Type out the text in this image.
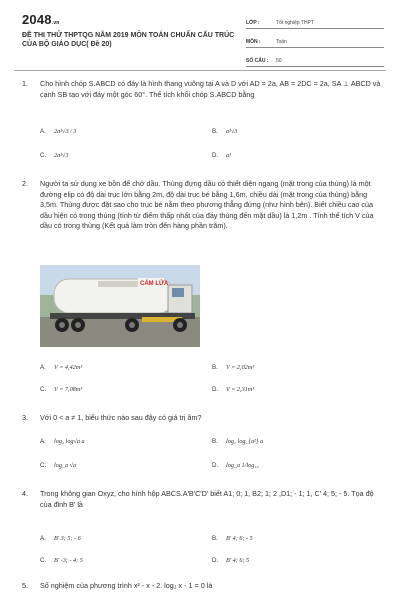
2048.vn
ĐỀ THI THỬ THPTQG NĂM 2019 MÔN TOÁN CHUẨN CẤU TRÚC CỦA BỘ GIÁO DỤC( Đề 20)
LỚP :	Tốt nghiệp THPT
MÔN :	Toán
SỐ CÂU :	50
1.	Cho hình chóp S.ABCD có đáy là hình thang vuông tại A và D với AD = 2a, AB = 2DC = 2a, SA ⊥ ABCD và cạnh SB tạo với đáy một góc 60°. Thể tích khối chóp S.ABCD bằng
A. 2a³√3 / 3	B. a³√3
C. 2a³√3	D. a³
2.	Người ta sử dụng xe bồn để chở dầu. Thùng đựng dầu có thiết diện ngang (mặt trong của thùng) là một đường elip có độ dài trục lớn bằng 2m, độ dài trục bé bằng 1,6m, chiều dài (mặt trong của thùng) bằng 3,5m. Thùng được đặt sao cho trục bé nằm theo phương thẳng đứng (như hình bên). Biết chiều cao của dầu hiện có trong thùng (tính từ điểm thấp nhất của đáy thùng đến mặt dầu) là 1,2m . Tính thể tích V của dầu có trong thùng (Kết quả làm tròn đến hàng phần trăm).
CẤM LỬA
A. V = 4,42m³	B. V = 2,02m³
C. V = 7,08m³	D. V = 2,31m³
3.	Với 0 < a ≠ 1, biểu thức nào sau đây có giá trị âm?
A. log₂ log√a a	B. log₂ log_{a²} a
C. log_a √a	D. log_a 1/log₁₀
4.	Trong không gian Oxyz, cho hình hộp ABCS.A'B'C'D' biết A1; 0; 1, B2; 1; 2 ,D1; - 1; 1, C' 4; 5; - 5. Tọa độ của đỉnh B' là
A. B' 3; 5; - 6	B. B' 4; 6; - 5
C. B' -3; - 4; 5	D. B' 4; 6; 5
5.	Số nghiệm của phương trình x² - x - 2. log₂ x - 1 = 0 là
